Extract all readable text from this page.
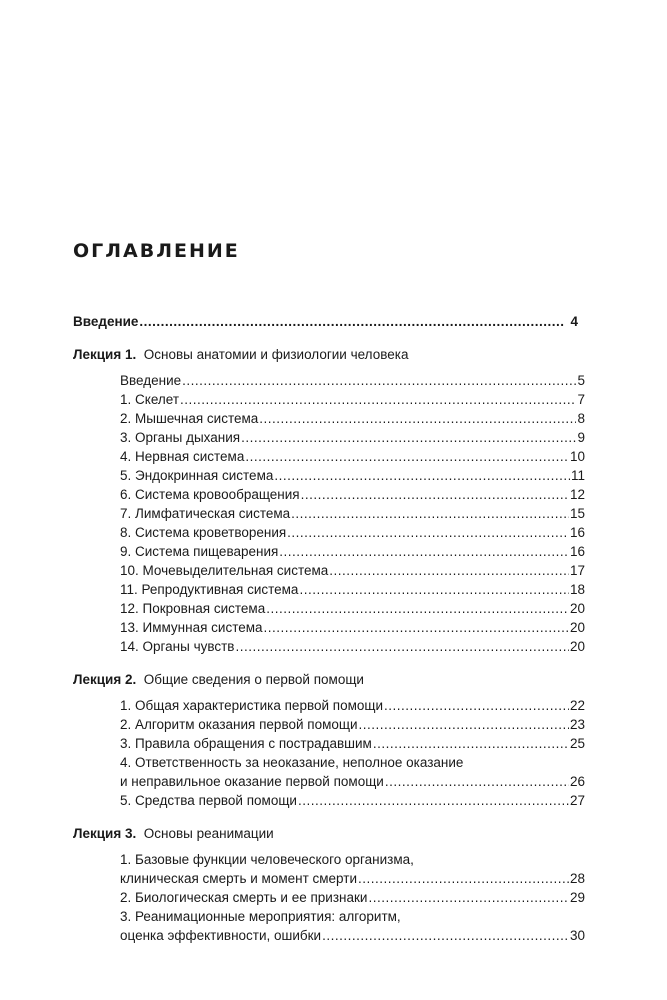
ОГЛАВЛЕНИЕ
Введение .....	4
Лекция 1. Основы анатомии и физиологии человека
Введение .....	5
1. Скелет .....	7
2. Мышечная система .....	8
3. Органы дыхания .....	9
4. Нервная система .....	10
5. Эндокринная система .....	11
6. Система кровообращения .....	12
7. Лимфатическая система .....	15
8. Система кроветворения .....	16
9. Система пищеварения .....	16
10. Мочевыделительная система .....	17
11. Репродуктивная система .....	18
12. Покровная система .....	20
13. Иммунная система .....	20
14. Органы чувств .....	20
Лекция 2. Общие сведения о первой помощи
1. Общая характеристика первой помощи .....	22
2. Алгоритм оказания первой помощи .....	23
3. Правила обращения с пострадавшим .....	25
4. Ответственность за неоказание, неполное оказание
и неправильное оказание первой помощи .....	26
5. Средства первой помощи .....	27
Лекция 3. Основы реанимации
1. Базовые функции человеческого организма,
клиническая смерть и момент смерти .....	28
2. Биологическая смерть и ее признаки .....	29
3. Реанимационные мероприятия: алгоритм,
оценка эффективности, ошибки .....	30
